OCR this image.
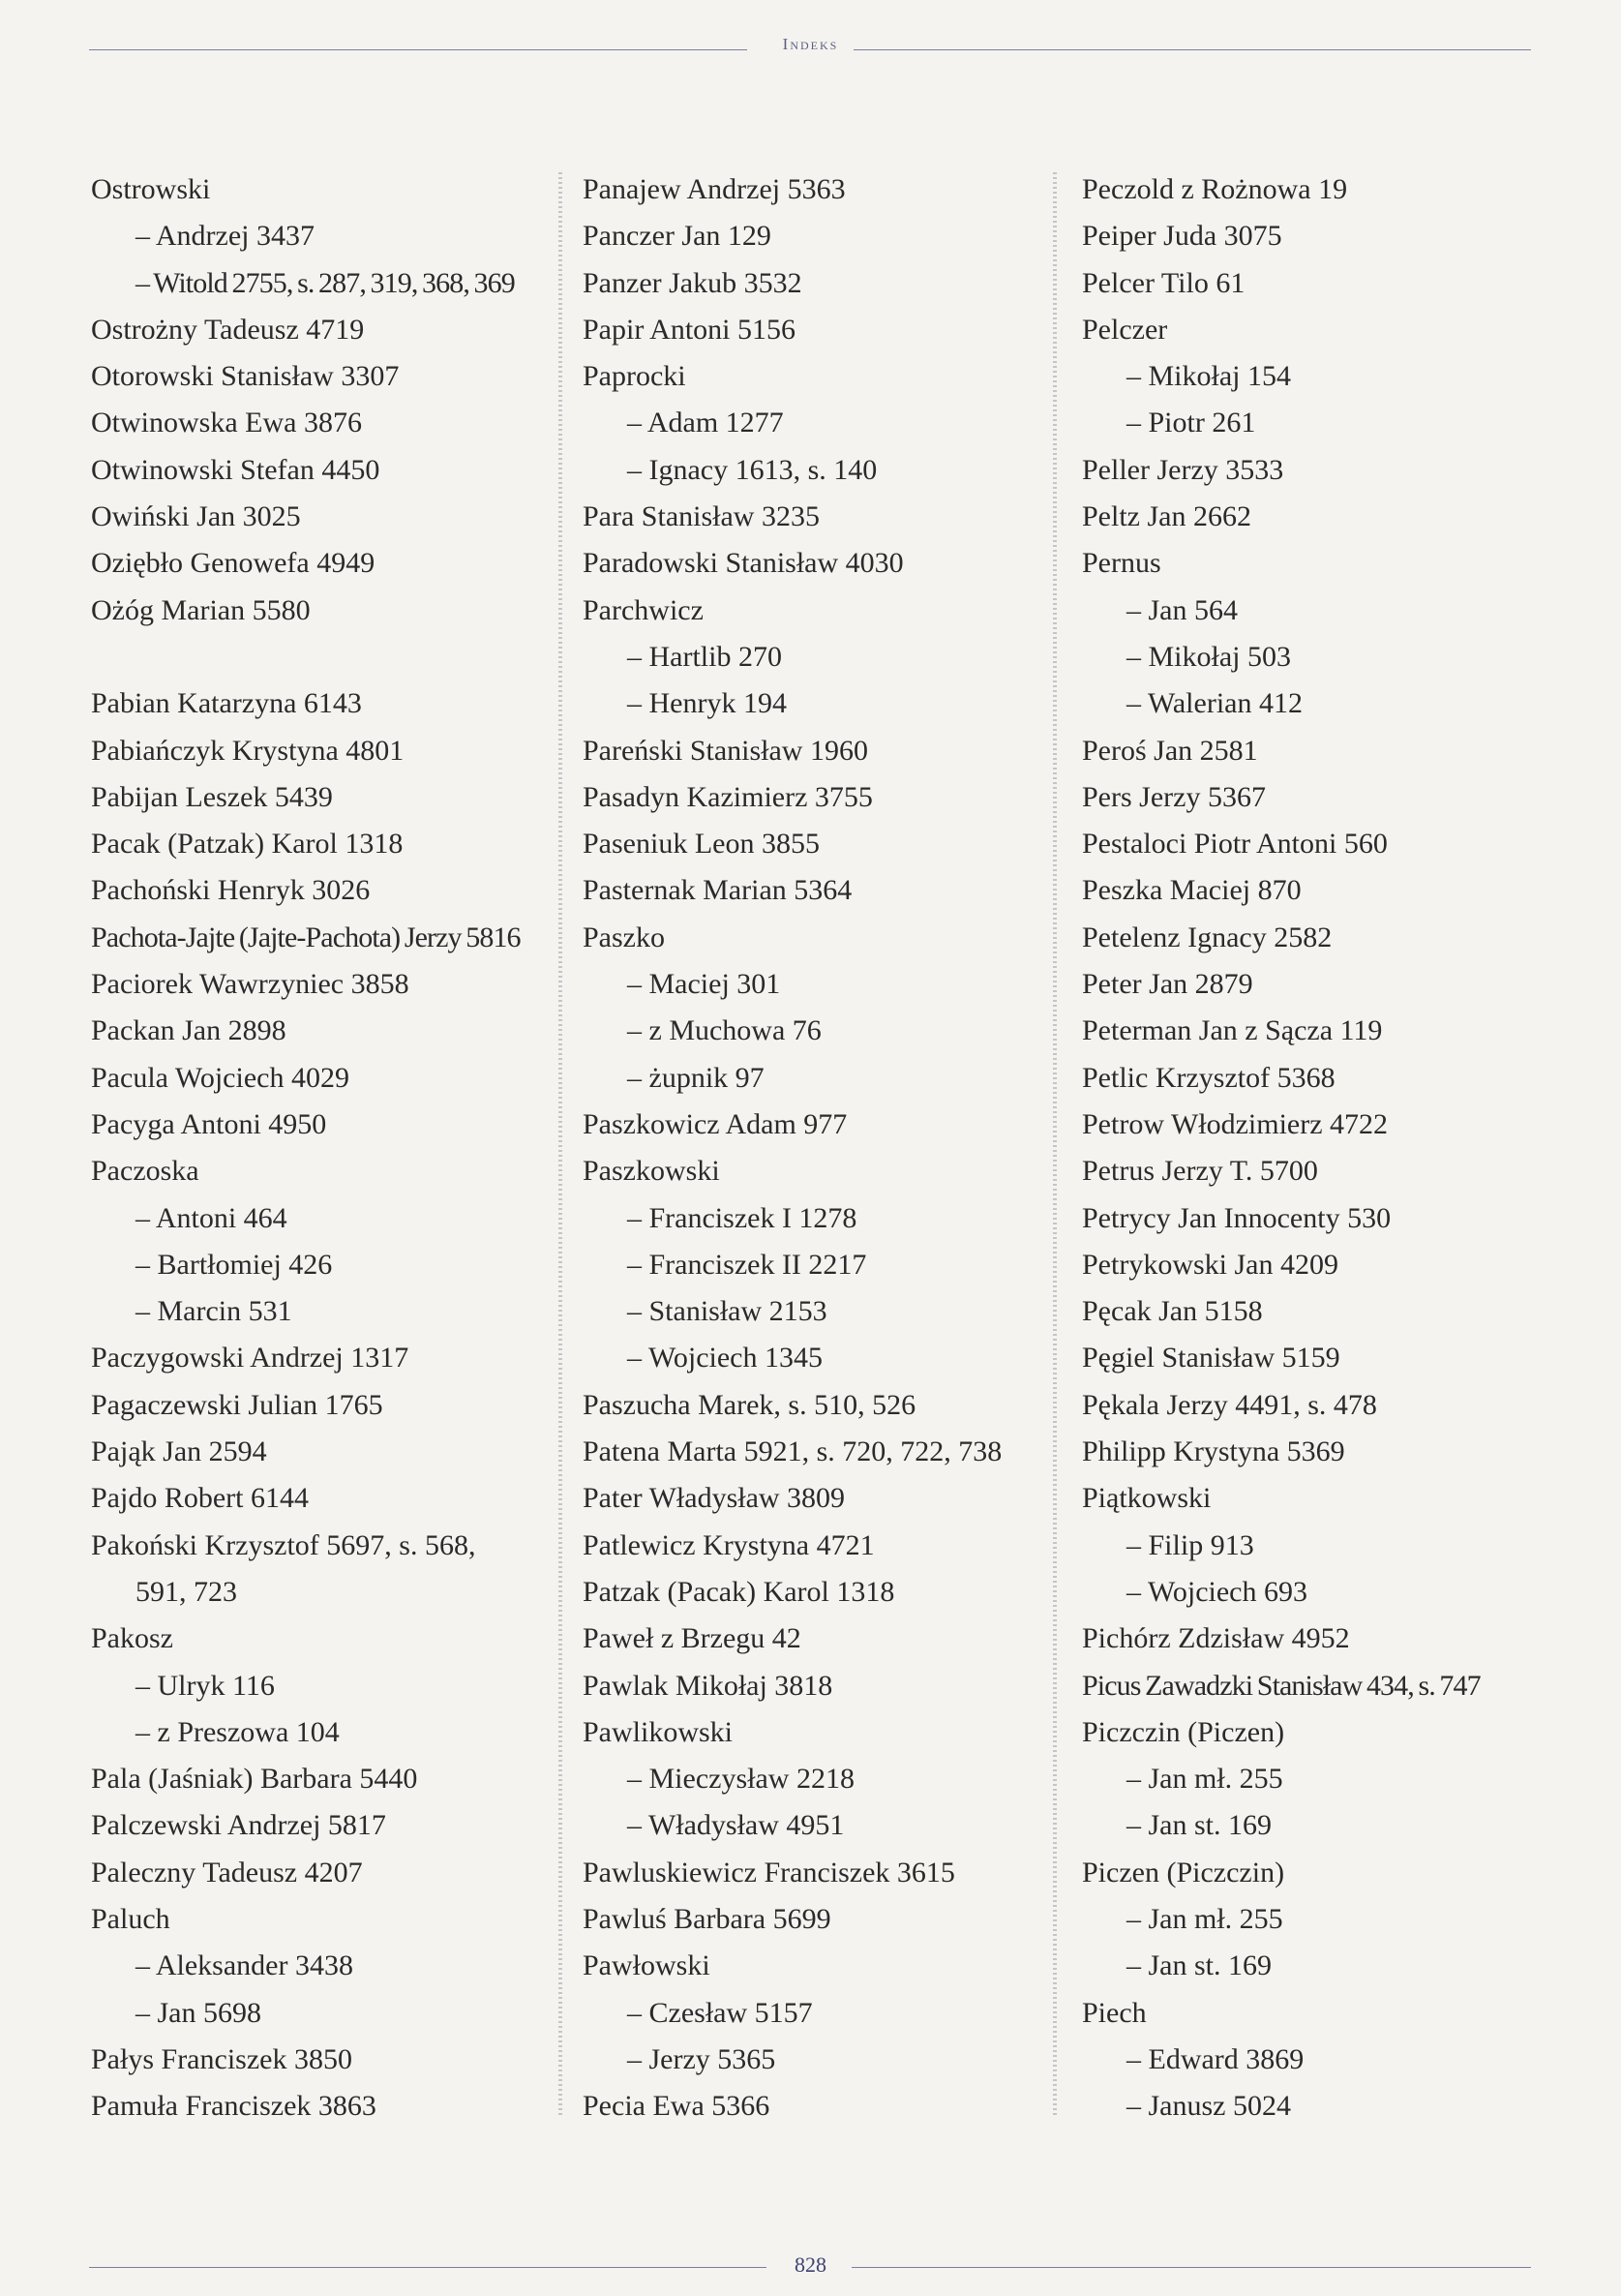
Indeks
Ostrowski
– Andrzej 3437
– Witold 2755, s. 287, 319, 368, 369
Ostrożny Tadeusz 4719
Otorowski Stanisław 3307
Otwinowska Ewa 3876
Otwinowski Stefan 4450
Owiński Jan 3025
Oziębło Genowefa 4949
Ożóg Marian 5580
Pabian Katarzyna 6143
Pabiańczyk Krystyna 4801
Pabijan Leszek 5439
Pacak (Patzak) Karol 1318
Pachoński Henryk 3026
Pachota-Jajte (Jajte-Pachota) Jerzy 5816
Paciorek Wawrzyniec 3858
Packan Jan 2898
Pacula Wojciech 4029
Pacyga Antoni 4950
Paczoska
– Antoni 464
– Bartłomiej 426
– Marcin 531
Paczygowski Andrzej 1317
Pagaczewski Julian 1765
Pająk Jan 2594
Pajdo Robert 6144
Pakoński Krzysztof 5697, s. 568,
591, 723
Pakosz
– Ulryk 116
– z Preszowa 104
Pala (Jaśniak) Barbara 5440
Palczewski Andrzej 5817
Paleczny Tadeusz 4207
Paluch
– Aleksander 3438
– Jan 5698
Pałys Franciszek 3850
Pamuła Franciszek 3863
Panajew Andrzej 5363
Panczer Jan 129
Panzer Jakub 3532
Papir Antoni 5156
Paprocki
– Adam 1277
– Ignacy 1613, s. 140
Para Stanisław 3235
Paradowski Stanisław 4030
Parchwicz
– Hartlib 270
– Henryk 194
Pareński Stanisław 1960
Pasadyn Kazimierz 3755
Paseniuk Leon 3855
Pasternak Marian 5364
Paszko
– Maciej 301
– z Muchowa 76
– żupnik 97
Paszkowicz Adam 977
Paszkowski
– Franciszek I 1278
– Franciszek II 2217
– Stanisław 2153
– Wojciech 1345
Paszucha Marek, s. 510, 526
Patena Marta 5921, s. 720, 722, 738
Pater Władysław 3809
Patlewicz Krystyna 4721
Patzak (Pacak) Karol 1318
Paweł z Brzegu 42
Pawlak Mikołaj 3818
Pawlikowski
– Mieczysław 2218
– Władysław 4951
Pawluskiewicz Franciszek 3615
Pawluś Barbara 5699
Pawłowski
– Czesław 5157
– Jerzy 5365
Pecia Ewa 5366
Peczold z Rożnowa 19
Peiper Juda 3075
Pelcer Tilo 61
Pelczer
– Mikołaj 154
– Piotr 261
Peller Jerzy 3533
Peltz Jan 2662
Pernus
– Jan 564
– Mikołaj 503
– Walerian 412
Peroś Jan 2581
Pers Jerzy 5367
Pestaloci Piotr Antoni 560
Peszka Maciej 870
Petelenz Ignacy 2582
Peter Jan 2879
Peterman Jan z Sącza 119
Petlic Krzysztof 5368
Petrow Włodzimierz 4722
Petrus Jerzy T. 5700
Petrycy Jan Innocenty 530
Petrykowski Jan 4209
Pęcak Jan 5158
Pęgiel Stanisław 5159
Pękala Jerzy 4491, s. 478
Philipp Krystyna 5369
Piątkowski
– Filip 913
– Wojciech 693
Pichórz Zdzisław 4952
Picus Zawadzki Stanisław 434, s. 747
Piczczin (Piczen)
– Jan mł. 255
– Jan st. 169
Piczen (Piczczin)
– Jan mł. 255
– Jan st. 169
Piech
– Edward 3869
– Janusz 5024
828
